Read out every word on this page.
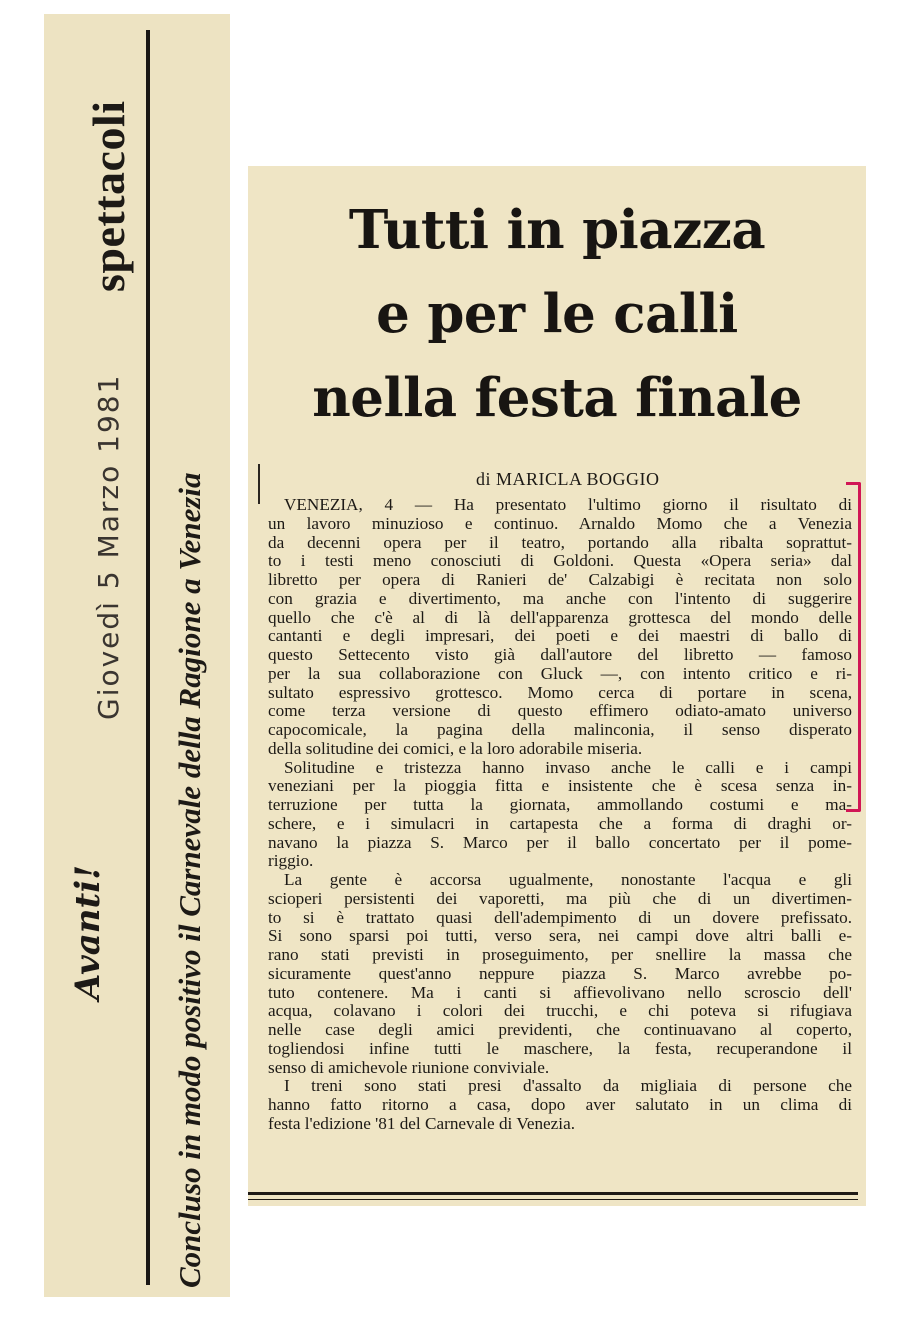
spettacoli
Avanti!
Giovedì 5 Marzo 1981 Concluso in modo positivo il Carnevale della Ragione a Venezia
Tutti in piazza
e per le calli
nella festa finale
di MARICLA BOGGIO
VENEZIA, 4 — Ha presentato l'ultimo giorno il risultato di
un lavoro minuzioso e continuo. Arnaldo Momo che a Venezia
da decenni opera per il teatro, portando alla ribalta soprattut-
to i testi meno conosciuti di Goldoni. Questa «Opera seria» dal
libretto per opera di Ranieri de' Calzabigi è recitata non solo
con grazia e divertimento, ma anche con l'intento di suggerire
quello che c'è al di là dell'apparenza grottesca del mondo delle
cantanti e degli impresari, dei poeti e dei maestri di ballo di
questo Settecento visto già dall'autore del libretto — famoso
per la sua collaborazione con Gluck —, con intento critico e ri-
sultato espressivo grottesco. Momo cerca di portare in scena,
come terza versione di questo effimero odiato-amato universo
capocomicale, la pagina della malinconia, il senso disperato
della solitudine dei comici, e la loro adorabile miseria.
Solitudine e tristezza hanno invaso anche le calli e i campi
veneziani per la pioggia fitta e insistente che è scesa senza in-
terruzione per tutta la giornata, ammollando costumi e ma-
schere, e i simulacri in cartapesta che a forma di draghi or-
navano la piazza S. Marco per il ballo concertato per il pome-
riggio.
La gente è accorsa ugualmente, nonostante l'acqua e gli
scioperi persistenti dei vaporetti, ma più che di un divertimen-
to si è trattato quasi dell'adempimento di un dovere prefissato.
Si sono sparsi poi tutti, verso sera, nei campi dove altri balli e-
rano stati previsti in proseguimento, per snellire la massa che
sicuramente quest'anno neppure piazza S. Marco avrebbe po-
tuto contenere. Ma i canti si affievolivano nello scroscio dell'
acqua, colavano i colori dei trucchi, e chi poteva si rifugiava
nelle case degli amici previdenti, che continuavano al coperto,
togliendosi infine tutti le maschere, la festa, recuperandone il
senso di amichevole riunione conviviale.
I treni sono stati presi d'assalto da migliaia di persone che
hanno fatto ritorno a casa, dopo aver salutato in un clima di
festa l'edizione '81 del Carnevale di Venezia.
